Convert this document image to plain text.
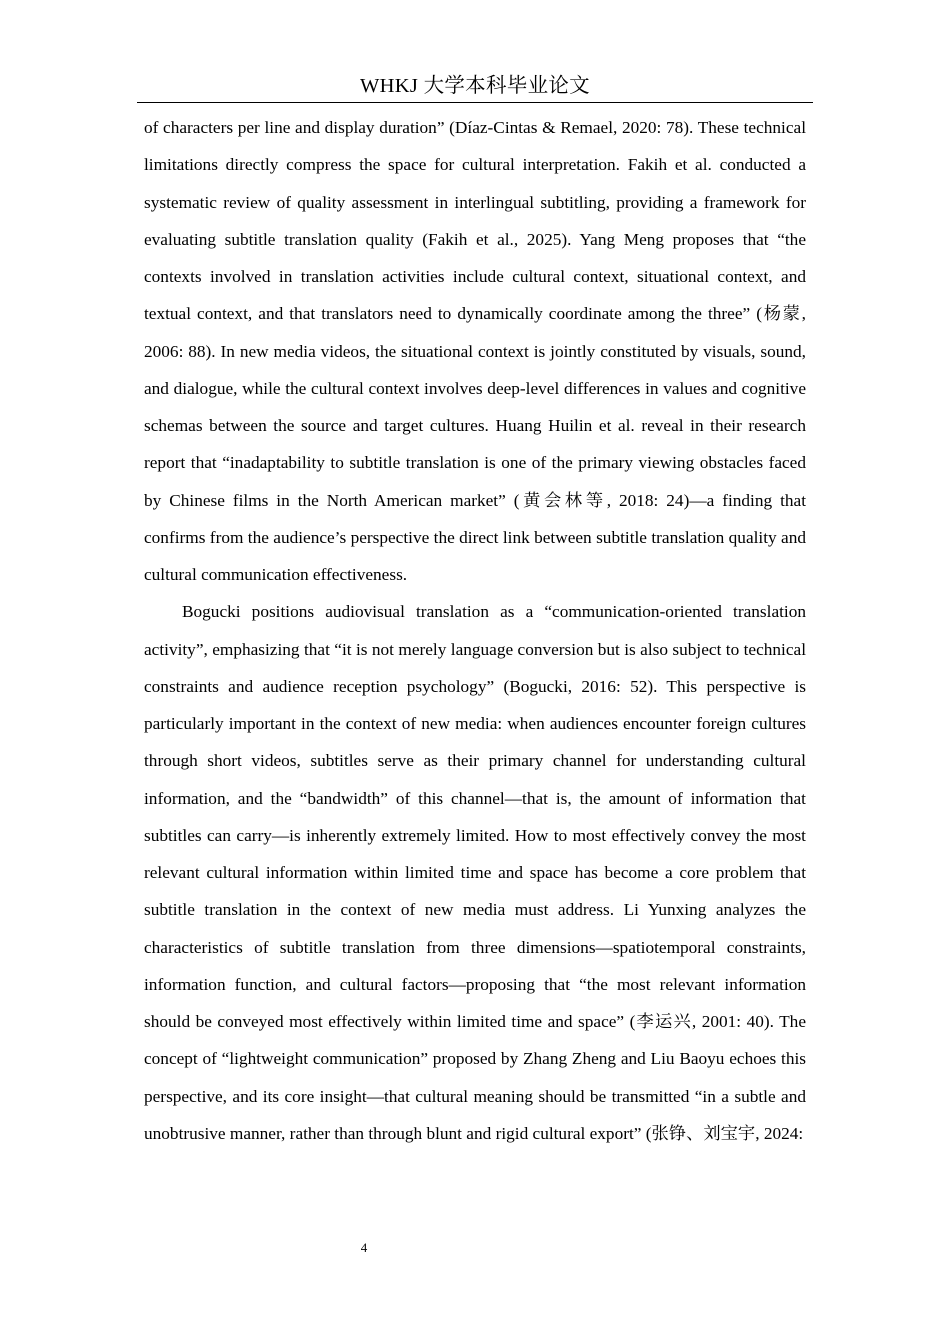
WHKJ 大学本科毕业论文

of characters per line and display duration” (Díaz-Cintas & Remael, 2020: 78). These technical limitations directly compress the space for cultural interpretation. Fakih et al. conducted a systematic review of quality assessment in interlingual subtitling, providing a framework for evaluating subtitle translation quality (Fakih et al., 2025). Yang Meng proposes that “the contexts involved in translation activities include cultural context, situational context, and textual context, and that translators need to dynamically coordinate among the three” (杨蒙, 2006: 88). In new media videos, the situational context is jointly constituted by visuals, sound, and dialogue, while the cultural context involves deep-level differences in values and cognitive schemas between the source and target cultures. Huang Huilin et al. reveal in their research report that “inadaptability to subtitle translation is one of the primary viewing obstacles faced by Chinese films in the North American market” (黄会林等, 2018: 24)—a finding that confirms from the audience’s perspective the direct link between subtitle translation quality and cultural communication effectiveness.

Bogucki positions audiovisual translation as a “communication-oriented translation activity”, emphasizing that “it is not merely language conversion but is also subject to technical constraints and audience reception psychology” (Bogucki, 2016: 52). This perspective is particularly important in the context of new media: when audiences encounter foreign cultures through short videos, subtitles serve as their primary channel for understanding cultural information, and the “bandwidth” of this channel—that is, the amount of information that subtitles can carry—is inherently extremely limited. How to most effectively convey the most relevant cultural information within limited time and space has become a core problem that subtitle translation in the context of new media must address. Li Yunxing analyzes the characteristics of subtitle translation from three dimensions—spatiotemporal constraints, information function, and cultural factors—proposing that “the most relevant information should be conveyed most effectively within limited time and space” (李运兴, 2001: 40). The concept of “lightweight communication” proposed by Zhang Zheng and Liu Baoyu echoes this perspective, and its core insight—that cultural meaning should be transmitted “in a subtle and unobtrusive manner, rather than through blunt and rigid cultural export” (张铮、刘宝宇, 2024:

4
